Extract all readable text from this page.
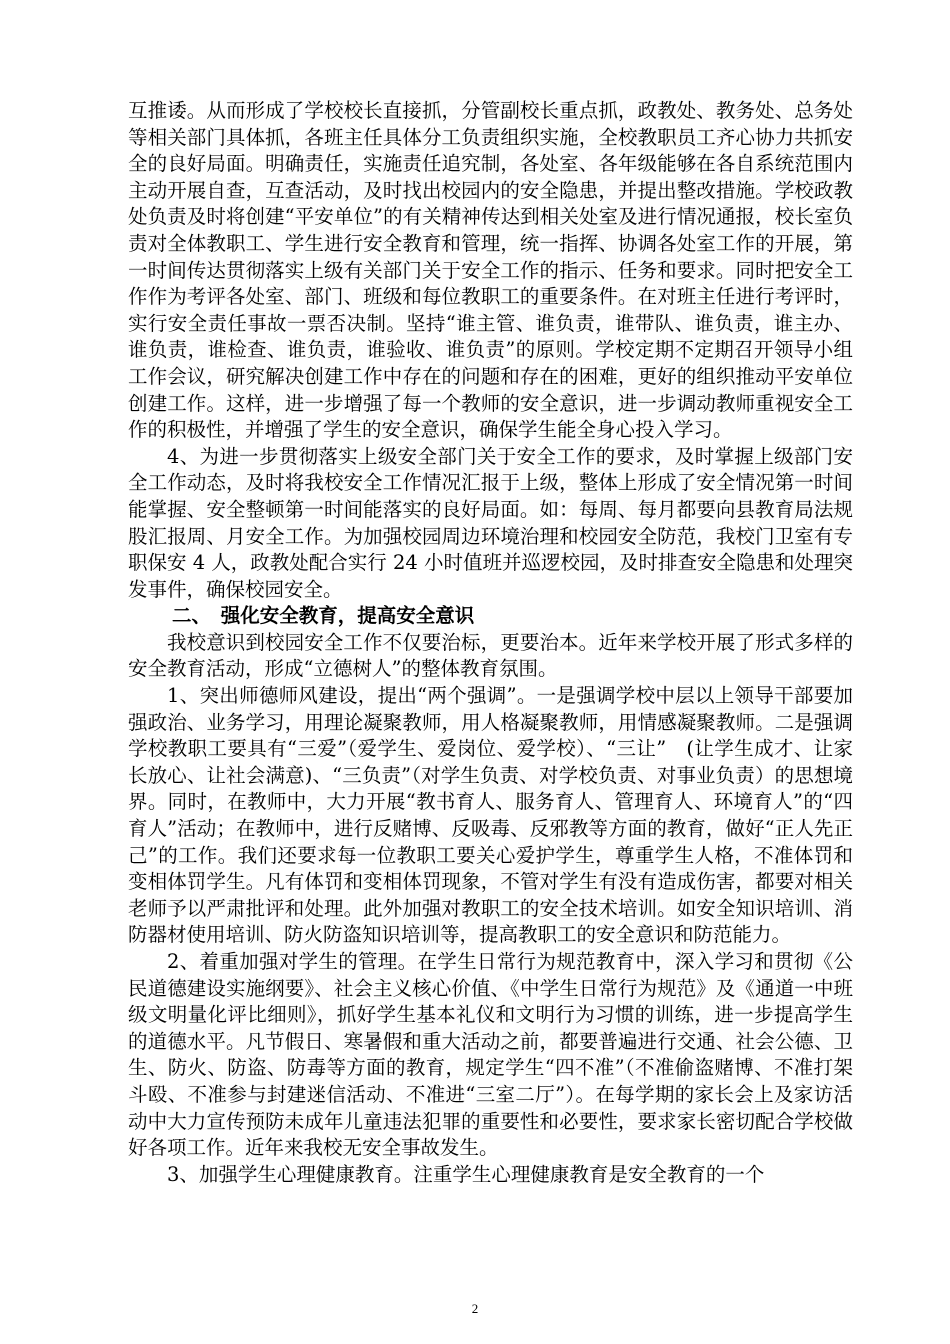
互推诿。从而形成了学校校长直接抓，分管副校长重点抓，政教处、教务处、总务处等相关部门具体抓，各班主任具体分工负责组织实施，全校教职员工齐心协力共抓安全的良好局面。明确责任，实施责任追究制，各处室、各年级能够在各自系统范围内主动开展自查，互查活动，及时找出校园内的安全隐患，并提出整改措施。学校政教处负责及时将创建“平安单位”的有关精神传达到相关处室及进行情况通报，校长室负责对全体教职工、学生进行安全教育和管理，统一指挥、协调各处室工作的开展，第一时间传达贯彻落实上级有关部门关于安全工作的指示、任务和要求。同时把安全工作作为考评各处室、部门、班级和每位教职工的重要条件。在对班主任进行考评时，实行安全责任事故一票否决制。坚持“谁主管、谁负责，谁带队、谁负责，谁主办、谁负责，谁检查、谁负责，谁验收、谁负责”的原则。学校定期不定期召开领导小组工作会议，研究解决创建工作中存在的问题和存在的困难，更好的组织推动平安单位创建工作。这样，进一步增强了每一个教师的安全意识，进一步调动教师重视安全工作的积极性，并增强了学生的安全意识，确保学生能全身心投入学习。

4、为进一步贯彻落实上级安全部门关于安全工作的要求，及时掌握上级部门安全工作动态，及时将我校安全工作情况汇报于上级，整体上形成了安全情况第一时间能掌握、安全整顿第一时间能落实的良好局面。如：每周、每月都要向县教育局法规股汇报周、月安全工作。为加强校园周边环境治理和校园安全防范，我校门卫室有专职保安 4 人，政教处配合实行 24 小时值班并巡逻校园，及时排查安全隐患和处理突发事件，确保校园安全。

二、　强化安全教育，提高安全意识

我校意识到校园安全工作不仅要治标，更要治本。近年来学校开展了形式多样的安全教育活动，形成“立德树人”的整体教育氛围。

1、突出师德师风建设，提出“两个强调”。一是强调学校中层以上领导干部要加强政治、业务学习，用理论凝聚教师，用人格凝聚教师，用情感凝聚教师。二是强调学校教职工要具有“三爱”（爱学生、爱岗位、爱学校）、“三让”　(让学生成才、让家长放心、让社会满意)、“三负责”（对学生负责、对学校负责、对事业负责）的思想境界。同时，在教师中，大力开展“教书育人、服务育人、管理育人、环境育人”的“四育人”活动；在教师中，进行反赌博、反吸毒、反邪教等方面的教育，做好“正人先正己”的工作。我们还要求每一位教职工要关心爱护学生，尊重学生人格，不准体罚和变相体罚学生。凡有体罚和变相体罚现象，不管对学生有没有造成伤害，都要对相关老师予以严肃批评和处理。此外加强对教职工的安全技术培训。如安全知识培训、消防器材使用培训、防火防盗知识培训等，提高教职工的安全意识和防范能力。

2、着重加强对学生的管理。在学生日常行为规范教育中，深入学习和贯彻《公民道德建设实施纲要》、社会主义核心价值、《中学生日常行为规范》及《通道一中班级文明量化评比细则》，抓好学生基本礼仪和文明行为习惯的训练，进一步提高学生的道德水平。凡节假日、寒暑假和重大活动之前，都要普遍进行交通、社会公德、卫生、防火、防盗、防毒等方面的教育，规定学生“四不准”（不准偷盗赌博、不准打架斗殴、不准参与封建迷信活动、不准进“三室二厅”）。在每学期的家长会上及家访活动中大力宣传预防未成年儿童违法犯罪的重要性和必要性，要求家长密切配合学校做好各项工作。近年来我校无安全事故发生。

3、加强学生心理健康教育。注重学生心理健康教育是安全教育的一个

2
